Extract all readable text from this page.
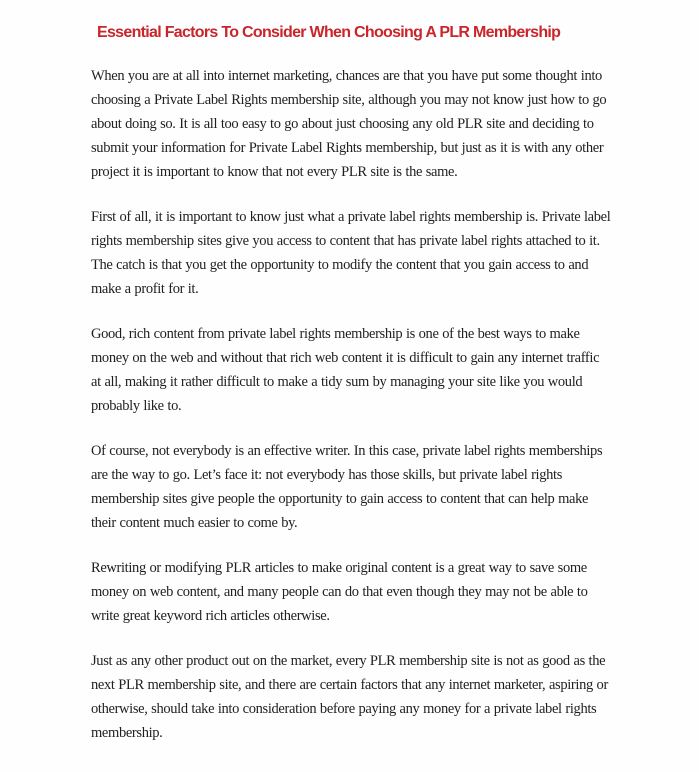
Essential Factors To Consider When Choosing A PLR Membership

When you are at all into internet marketing, chances are that you have put some thought into choosing a Private Label Rights membership site, although you may not know just how to go about doing so. It is all too easy to go about just choosing any old PLR site and deciding to submit your information for Private Label Rights membership, but just as it is with any other project it is important to know that not every PLR site is the same.

First of all, it is important to know just what a private label rights membership is. Private label rights membership sites give you access to content that has private label rights attached to it. The catch is that you get the opportunity to modify the content that you gain access to and make a profit for it.

Good, rich content from private label rights membership is one of the best ways to make money on the web and without that rich web content it is difficult to gain any internet traffic at all, making it rather difficult to make a tidy sum by managing your site like you would probably like to.

Of course, not everybody is an effective writer. In this case, private label rights memberships are the way to go. Let’s face it: not everybody has those skills, but private label rights membership sites give people the opportunity to gain access to content that can help make their content much easier to come by.

Rewriting or modifying PLR articles to make original content is a great way to save some money on web content, and many people can do that even though they may not be able to write great keyword rich articles otherwise.

Just as any other product out on the market, every PLR membership site is not as good as the next PLR membership site, and there are certain factors that any internet marketer, aspiring or otherwise, should take into consideration before paying any money for a private label rights membership.
